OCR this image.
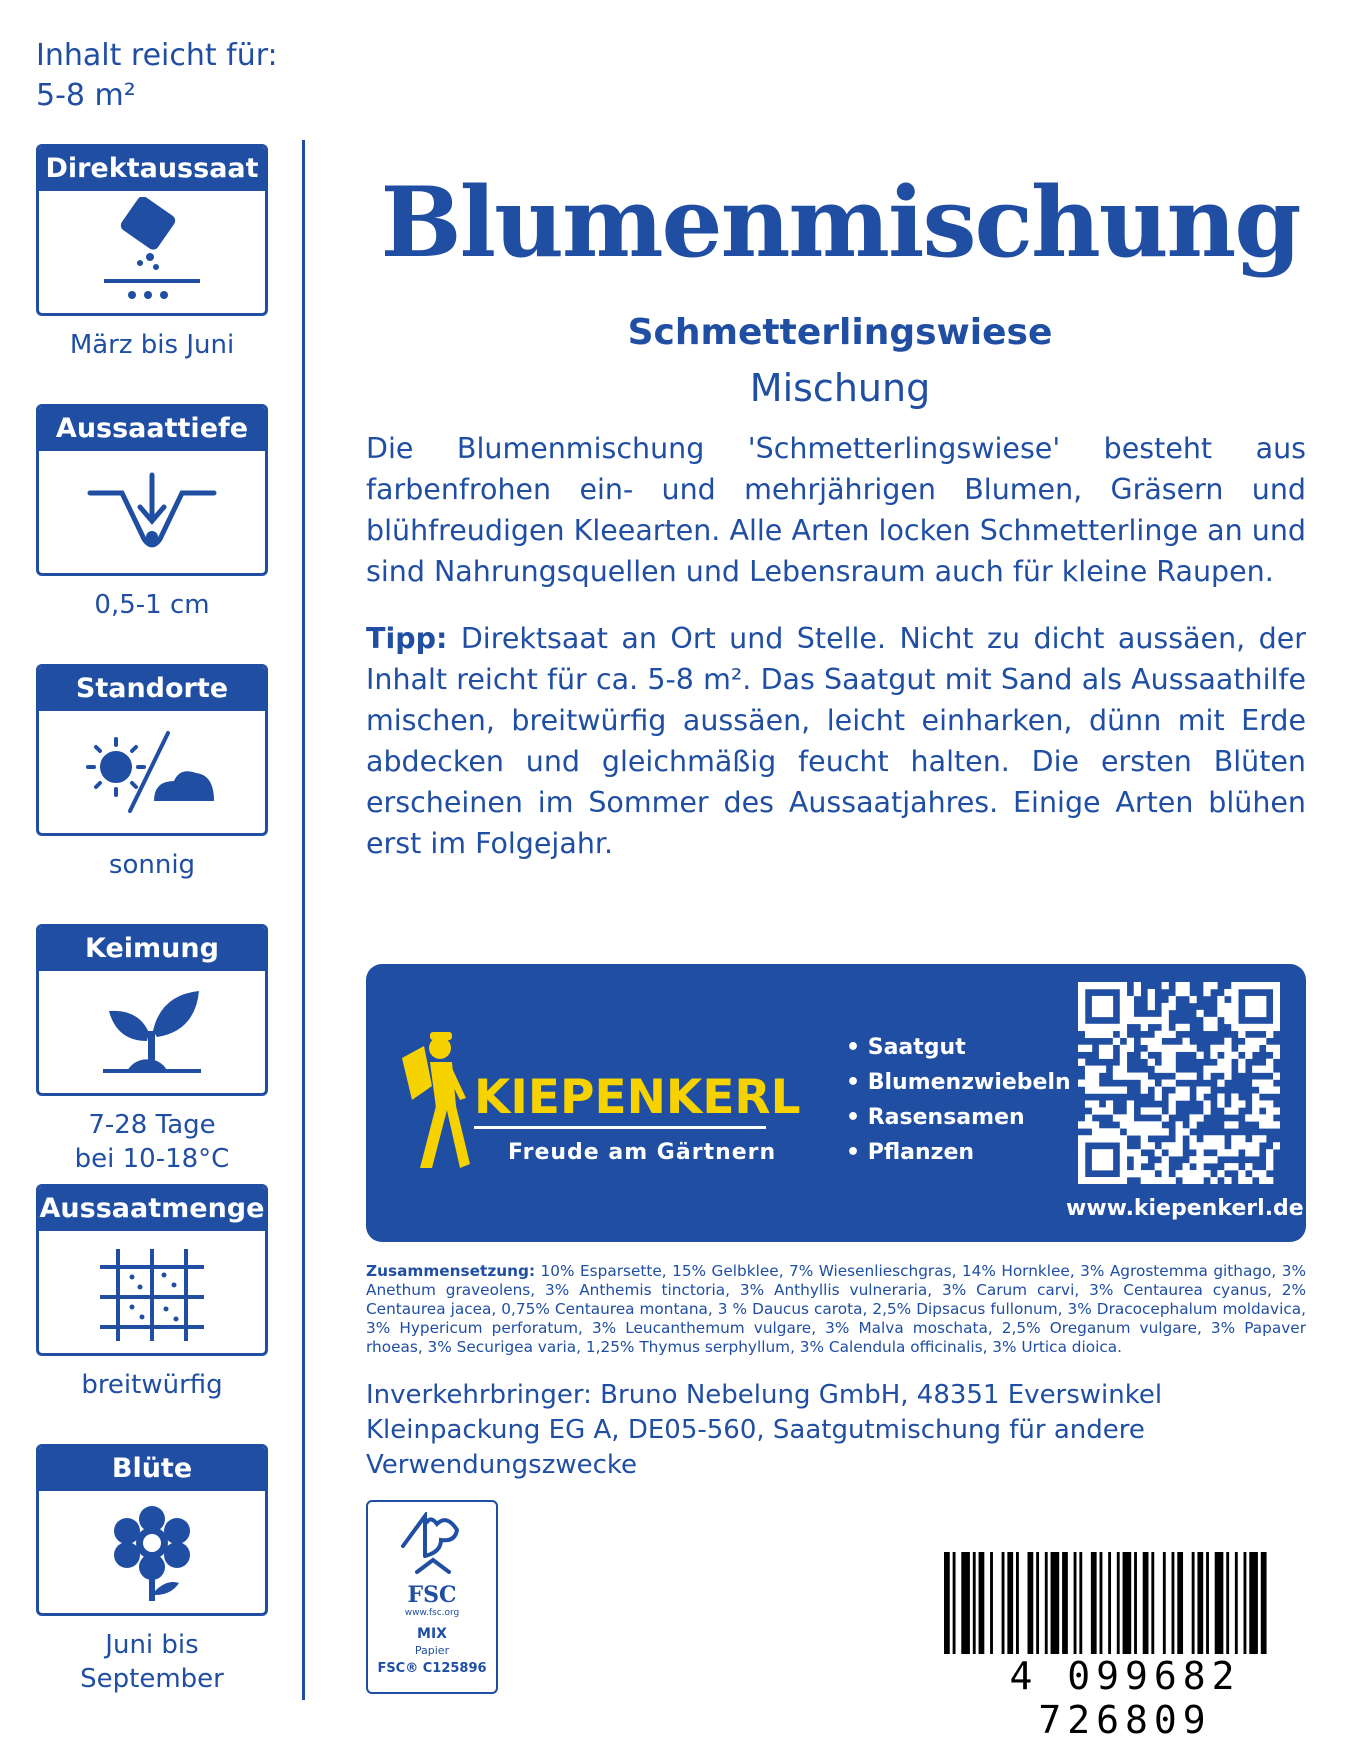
Inhalt reicht für:
5-8 m²
Direktaussaat
März bis Juni
Aussaattiefe
0,5-1 cm
Standorte
sonnig
Keimung
7-28 Tage
bei 10-18°C
Aussaatmenge
breitwürfig
Blüte
Juni bis
September
Blumenmischung
Schmetterlingswiese
Mischung
Die Blumenmischung 'Schmetterlingswiese' besteht aus farbenfrohen ein- und mehrjährigen Blumen, Gräsern und blühfreudigen Kleearten. Alle Arten locken Schmetterlinge an und sind Nahrungsquellen und Lebensraum auch für kleine Raupen.
Tipp: Direktsaat an Ort und Stelle. Nicht zu dicht aussäen, der Inhalt reicht für ca. 5-8 m². Das Saatgut mit Sand als Aussaathilfe mischen, breitwürfig aussäen, leicht einharken, dünn mit Erde abdecken und gleichmäßig feucht halten. Die ersten Blüten erscheinen im Sommer des Aussaatjahres. Einige Arten blühen erst im Folgejahr.
KIEPENKERL
Freude am Gärtnern
• Saatgut
• Blumenzwiebeln
• Rasensamen
• Pflanzen
www.kiepenkerl.de
Zusammensetzung: 10% Esparsette, 15% Gelbklee, 7% Wiesenlieschgras, 14% Hornklee, 3% Agrostemma githago, 3% Anethum graveolens, 3% Anthemis tinctoria, 3% Anthyllis vulneraria, 3% Carum carvi, 3% Centaurea cyanus, 2% Centaurea jacea, 0,75% Centaurea montana, 3 % Daucus carota, 2,5% Dipsacus fullonum, 3% Dracocephalum moldavica, 3% Hypericum perforatum, 3% Leucanthemum vulgare, 3% Malva moschata, 2,5% Oreganum vulgare, 3% Papaver rhoeas, 3% Securigea varia, 1,25% Thymus serphyllum, 3% Calendula officinalis, 3% Urtica dioica.
Inverkehrbringer: Bruno Nebelung GmbH, 48351 Everswinkel
Kleinpackung EG A, DE05-560, Saatgutmischung für andere
Verwendungszwecke
FSC
www.fsc.org
MIX
Papier
FSC® C125896	4 099682 726809
